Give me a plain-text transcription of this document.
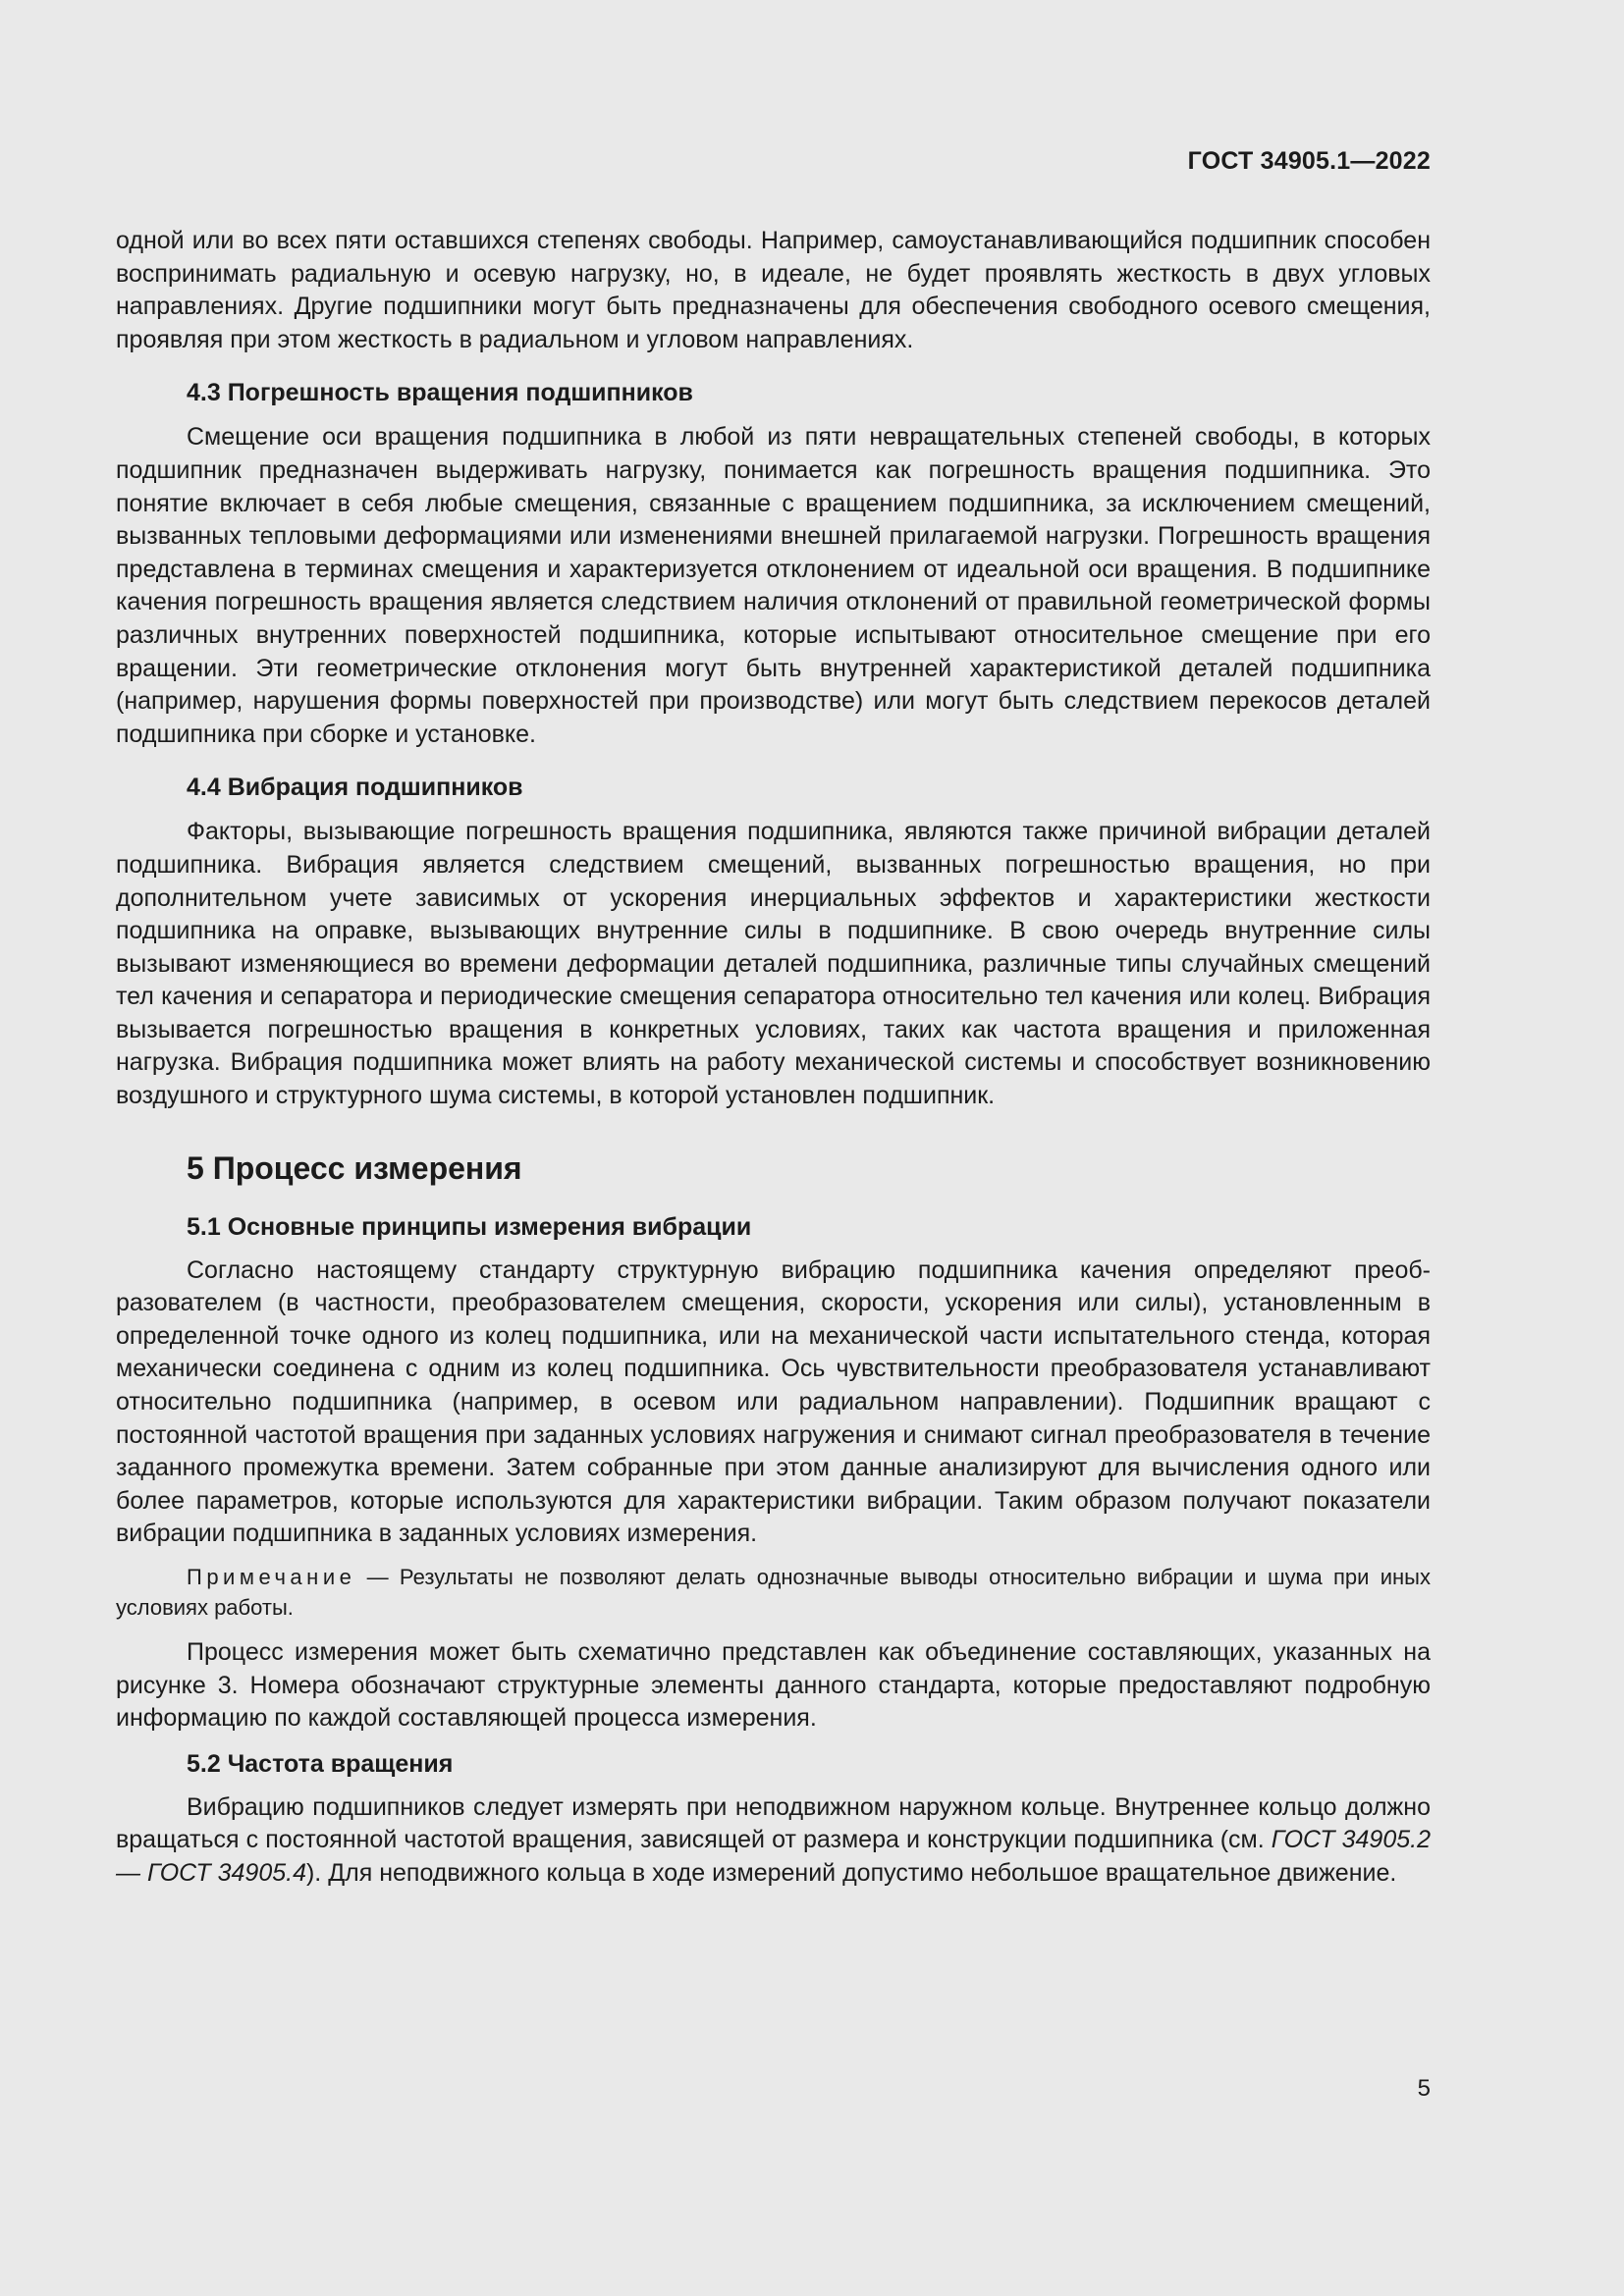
ГОСТ 34905.1—2022

одной или во всех пяти оставшихся степенях свободы. Например, самоустанавливающийся подшипник способен воспринимать радиальную и осевую нагрузку, но, в идеале, не будет проявлять жесткость в двух угловых направлениях. Другие подшипники могут быть предназначены для обеспечения свободного осевого смещения, проявляя при этом жесткость в радиальном и угловом направлениях.

4.3 Погрешность вращения подшипников

Смещение оси вращения подшипника в любой из пяти невращательных степеней свободы, в которых подшипник предназначен выдерживать нагрузку, понимается как погрешность вращения подшипника. Это понятие включает в себя любые смещения, связанные с вращением подшипника, за исключением смещений, вызванных тепловыми деформациями или изменениями внешней прилагаемой нагрузки. Погрешность вращения представлена в терминах смещения и характеризуется отклонением от идеальной оси вращения. В подшипнике качения погрешность вращения является следствием наличия отклонений от правильной геометрической формы различных внутренних поверхностей подшипника, которые испытывают относительное смещение при его вращении. Эти геометрические отклонения могут быть внутренней характеристикой деталей подшипника (например, нарушения формы поверхностей при производстве) или могут быть следствием перекосов деталей подшипника при сборке и установке.

4.4 Вибрация подшипников

Факторы, вызывающие погрешность вращения подшипника, являются также причиной вибрации деталей подшипника. Вибрация является следствием смещений, вызванных погрешностью вращения, но при дополнительном учете зависимых от ускорения инерциальных эффектов и характеристики жесткости подшипника на оправке, вызывающих внутренние силы в подшипнике. В свою очередь внутренние силы вызывают изменяющиеся во времени деформации деталей подшипника, различные типы случайных смещений тел качения и сепаратора и периодические смещения сепаратора относительно тел качения или колец. Вибрация вызывается погрешностью вращения в конкретных условиях, таких как частота вращения и приложенная нагрузка. Вибрация подшипника может влиять на работу механической системы и способствует возникновению воздушного и структурного шума системы, в которой установлен подшипник.

5 Процесс измерения
5.1 Основные принципы измерения вибрации

Согласно настоящему стандарту структурную вибрацию подшипника качения определяют преобразователем (в частности, преобразователем смещения, скорости, ускорения или силы), установленным в определенной точке одного из колец подшипника, или на механической части испытательного стенда, которая механически соединена с одним из колец подшипника. Ось чувствительности преобразователя устанавливают относительно подшипника (например, в осевом или радиальном направлении). Подшипник вращают с постоянной частотой вращения при заданных условиях нагружения и снимают сигнал преобразователя в течение заданного промежутка времени. Затем собранные при этом данные анализируют для вычисления одного или более параметров, которые используются для характеристики вибрации. Таким образом получают показатели вибрации подшипника в заданных условиях измерения.

Примечание — Результаты не позволяют делать однозначные выводы относительно вибрации и шума при иных условиях работы.

Процесс измерения может быть схематично представлен как объединение составляющих, указанных на рисунке 3. Номера обозначают структурные элементы данного стандарта, которые предоставляют подробную информацию по каждой составляющей процесса измерения.

5.2 Частота вращения

Вибрацию подшипников следует измерять при неподвижном наружном кольце. Внутреннее кольцо должно вращаться с постоянной частотой вращения, зависящей от размера и конструкции подшипника (см. ГОСТ 34905.2 — ГОСТ 34905.4). Для неподвижного кольца в ходе измерений допустимо небольшое вращательное движение.

5
